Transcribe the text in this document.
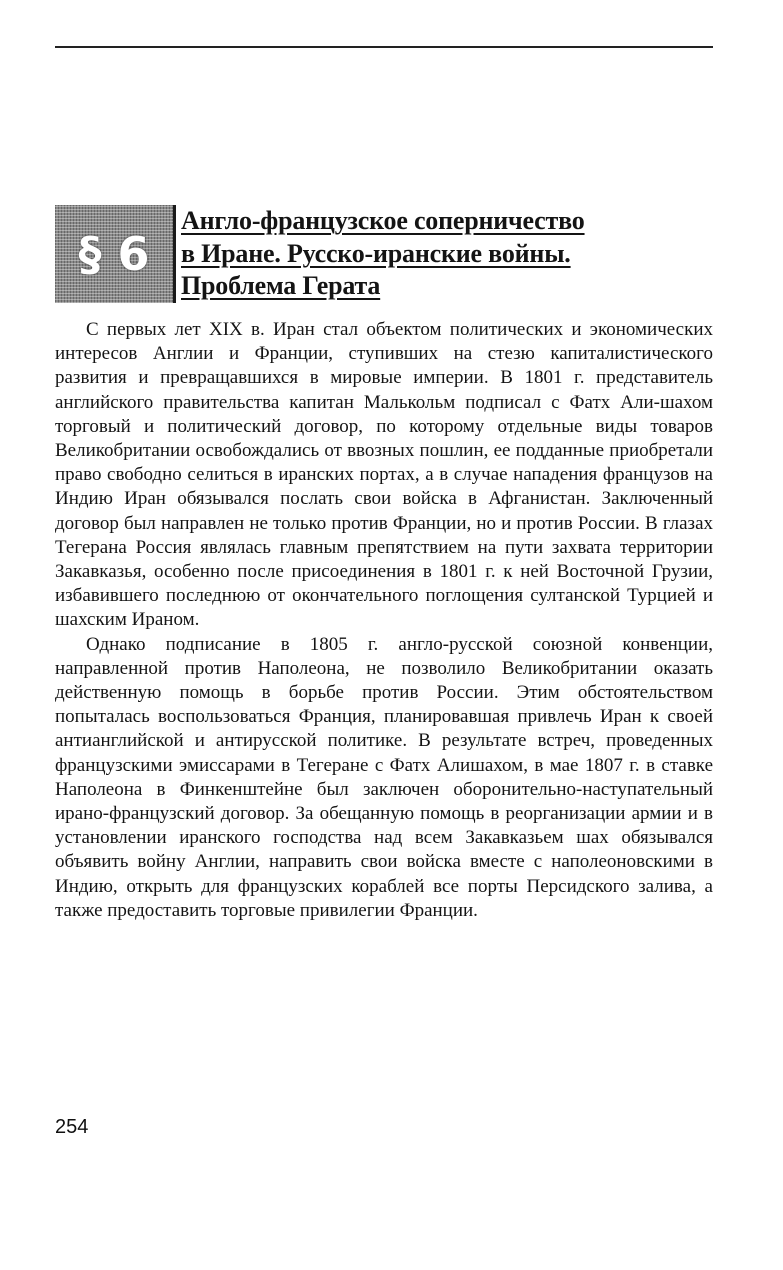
§ 6
Англо-французское соперничество
в Иране. Русско-иранские войны.
Проблема Герата

С первых лет XIX в. Иран стал объектом политических и экономических интересов Англии и Франции, ступивших на стезю капиталистического развития и превращавшихся в мировые империи. В 1801 г. представитель английского правительства капитан Малькольм подписал с Фатх Али-шахом торговый и политический договор, по которому отдельные виды товаров Великобритании освобождались от ввозных пошлин, ее подданные приобретали право свободно селиться в иранских портах, а в случае нападения французов на Индию Иран обязывался послать свои войска в Афганистан. Заключенный договор был направлен не только против Франции, но и против России. В глазах Тегерана Россия являлась главным препятствием на пути захвата территории Закавказья, особенно после присоединения в 1801 г. к ней Восточной Грузии, избавившего последнюю от окончательного поглощения султанской Турцией и шахским Ираном.

Однако подписание в 1805 г. англо-русской союзной конвенции, направленной против Наполеона, не позволило Великобритании оказать действенную помощь в борьбе против России. Этим обстоятельством попыталась воспользоваться Франция, планировавшая привлечь Иран к своей антианглийской и антирусской политике. В результате встреч, проведенных французскими эмиссарами в Тегеране с Фатх Алишахом, в мае 1807 г. в ставке Наполеона в Финкенштейне был заключен оборонительно-наступательный ирано-французский договор. За обещанную помощь в реорганизации армии и в установлении иранского господства над всем Закавказьем шах обязывался объявить войну Англии, направить свои войска вместе с наполеоновскими в Индию, открыть для французских кораблей все порты Персидского залива, а также предоставить торговые привилегии Франции.

254
